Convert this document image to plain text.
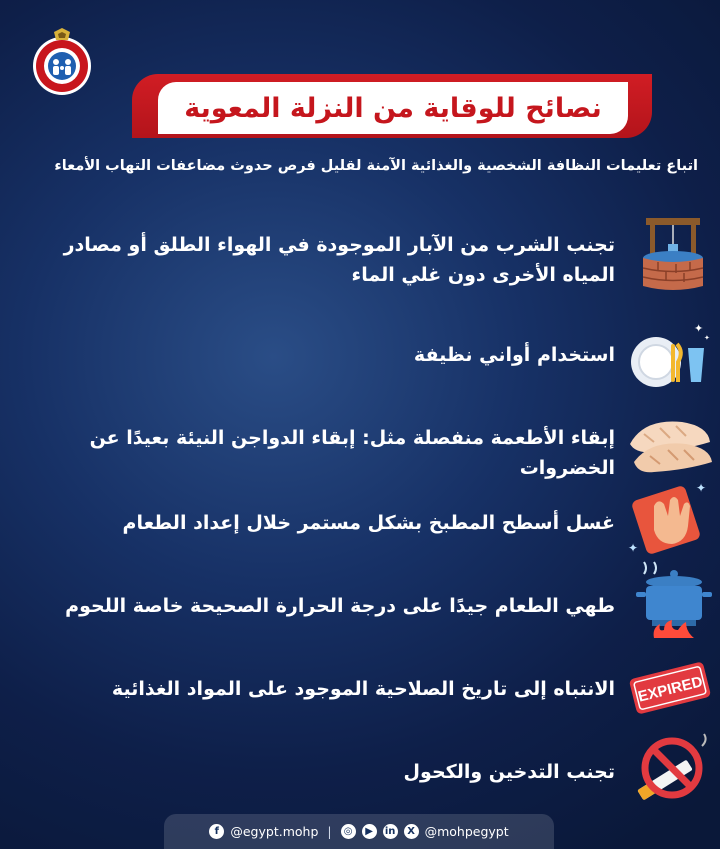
نصائح للوقاية من النزلة المعوية
اتباع تعليمات النظافة الشخصية والغذائية الآمنة لقليل فرص حدوث مضاعفات التهاب الأمعاء
تجنب الشرب من الآبار الموجودة في الهواء الطلق أو مصادر المياه الأخرى دون غلي الماء
استخدام أواني نظيفة
✦
✦
إبقاء الأطعمة منفصلة مثل: إبقاء الدواجن النيئة بعيدًا عن الخضروات
غسل أسطح المطبخ بشكل مستمر خلال إعداد الطعام
✦
✦
طهي الطعام جيدًا على درجة الحرارة الصحيحة خاصة اللحوم
الانتباه إلى تاريخ الصلاحية الموجود على المواد الغذائية EXPIRED
تجنب التدخين والكحول
f @egypt.mohp |	◎	▶	in	X @mohpegypt
